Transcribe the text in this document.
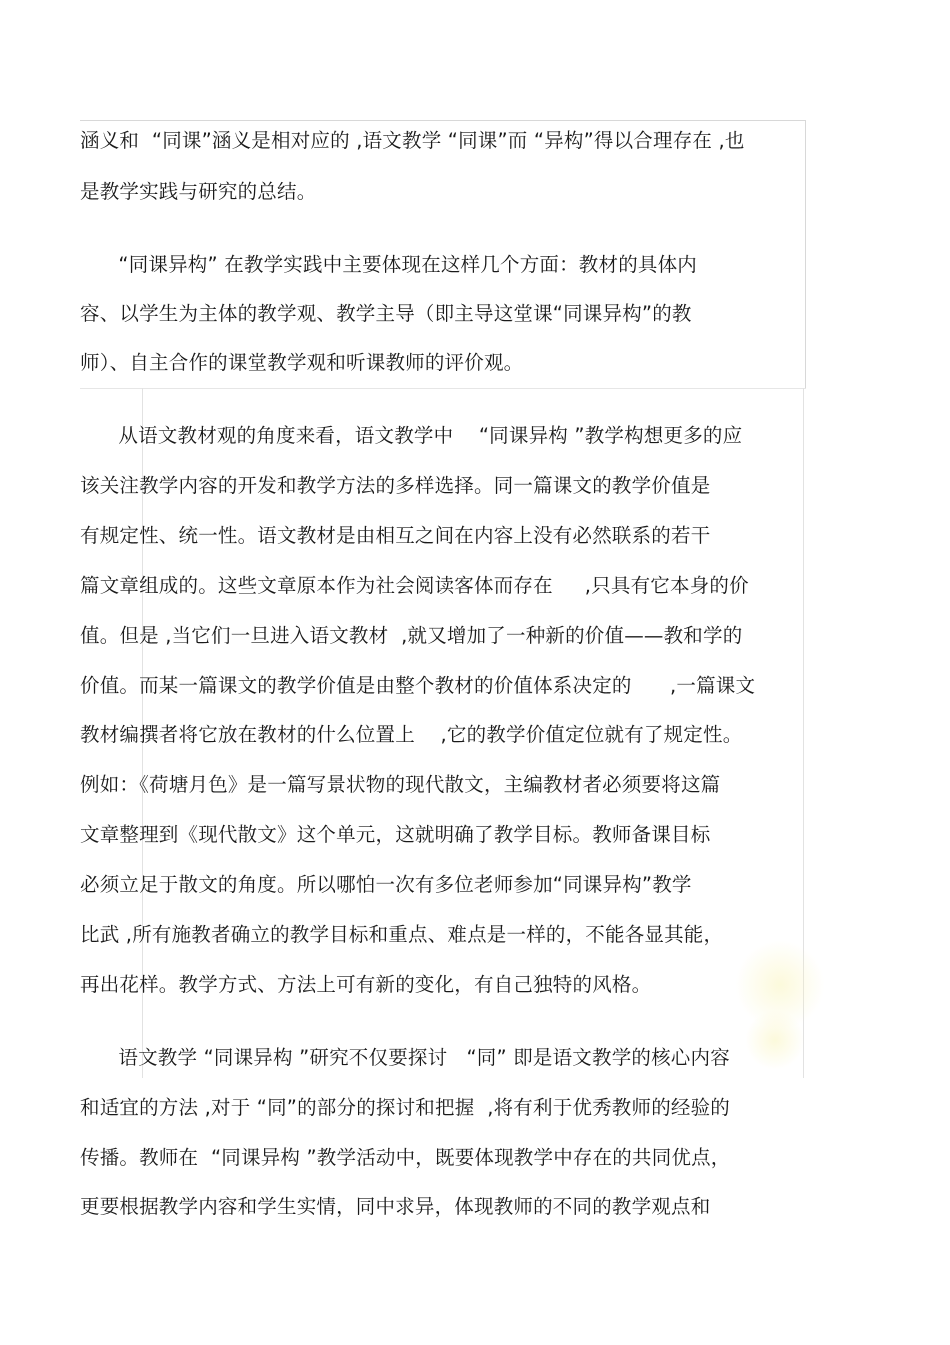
涵义和  “同课”涵义是相对应的 ,语文教学 “同课”而 “异构”得以合理存在 ,也
是教学实践与研究的总结。
“同课异构” 在教学实践中主要体现在这样几个方面：教材的具体内
容、以学生为主体的教学观、教学主导（即主导这堂课“同课异构”的教
师）、自主合作的课堂教学观和听课教师的评价观。
从语文教材观的角度来看，语文教学中    “同课异构 ”教学构想更多的应
该关注教学内容的开发和教学方法的多样选择。同一篇课文的教学价值是
有规定性、统一性。语文教材是由相互之间在内容上没有必然联系的若干
篇文章组成的。这些文章原本作为社会阅读客体而存在     ,只具有它本身的价
值。但是 ,当它们一旦进入语文教材  ,就又增加了一种新的价值——教和学的
价值。而某一篇课文的教学价值是由整个教材的价值体系决定的      ,一篇课文
教材编撰者将它放在教材的什么位置上    ,它的教学价值定位就有了规定性。
例如：《荷塘月色》是一篇写景状物的现代散文，主编教材者必须要将这篇
文章整理到《现代散文》这个单元，这就明确了教学目标。教师备课目标
必须立足于散文的角度。所以哪怕一次有多位老师参加“同课异构”教学
比武 ,所有施教者确立的教学目标和重点、难点是一样的，不能各显其能，
再出花样。教学方式、方法上可有新的变化，有自己独特的风格。
语文教学 “同课异构 ”研究不仅要探讨   “同” 即是语文教学的核心内容
和适宜的方法 ,对于 “同”的部分的探讨和把握  ,将有利于优秀教师的经验的
传播。教师在  “同课异构 ”教学活动中，既要体现教学中存在的共同优点，
更要根据教学内容和学生实情，同中求异，体现教师的不同的教学观点和
